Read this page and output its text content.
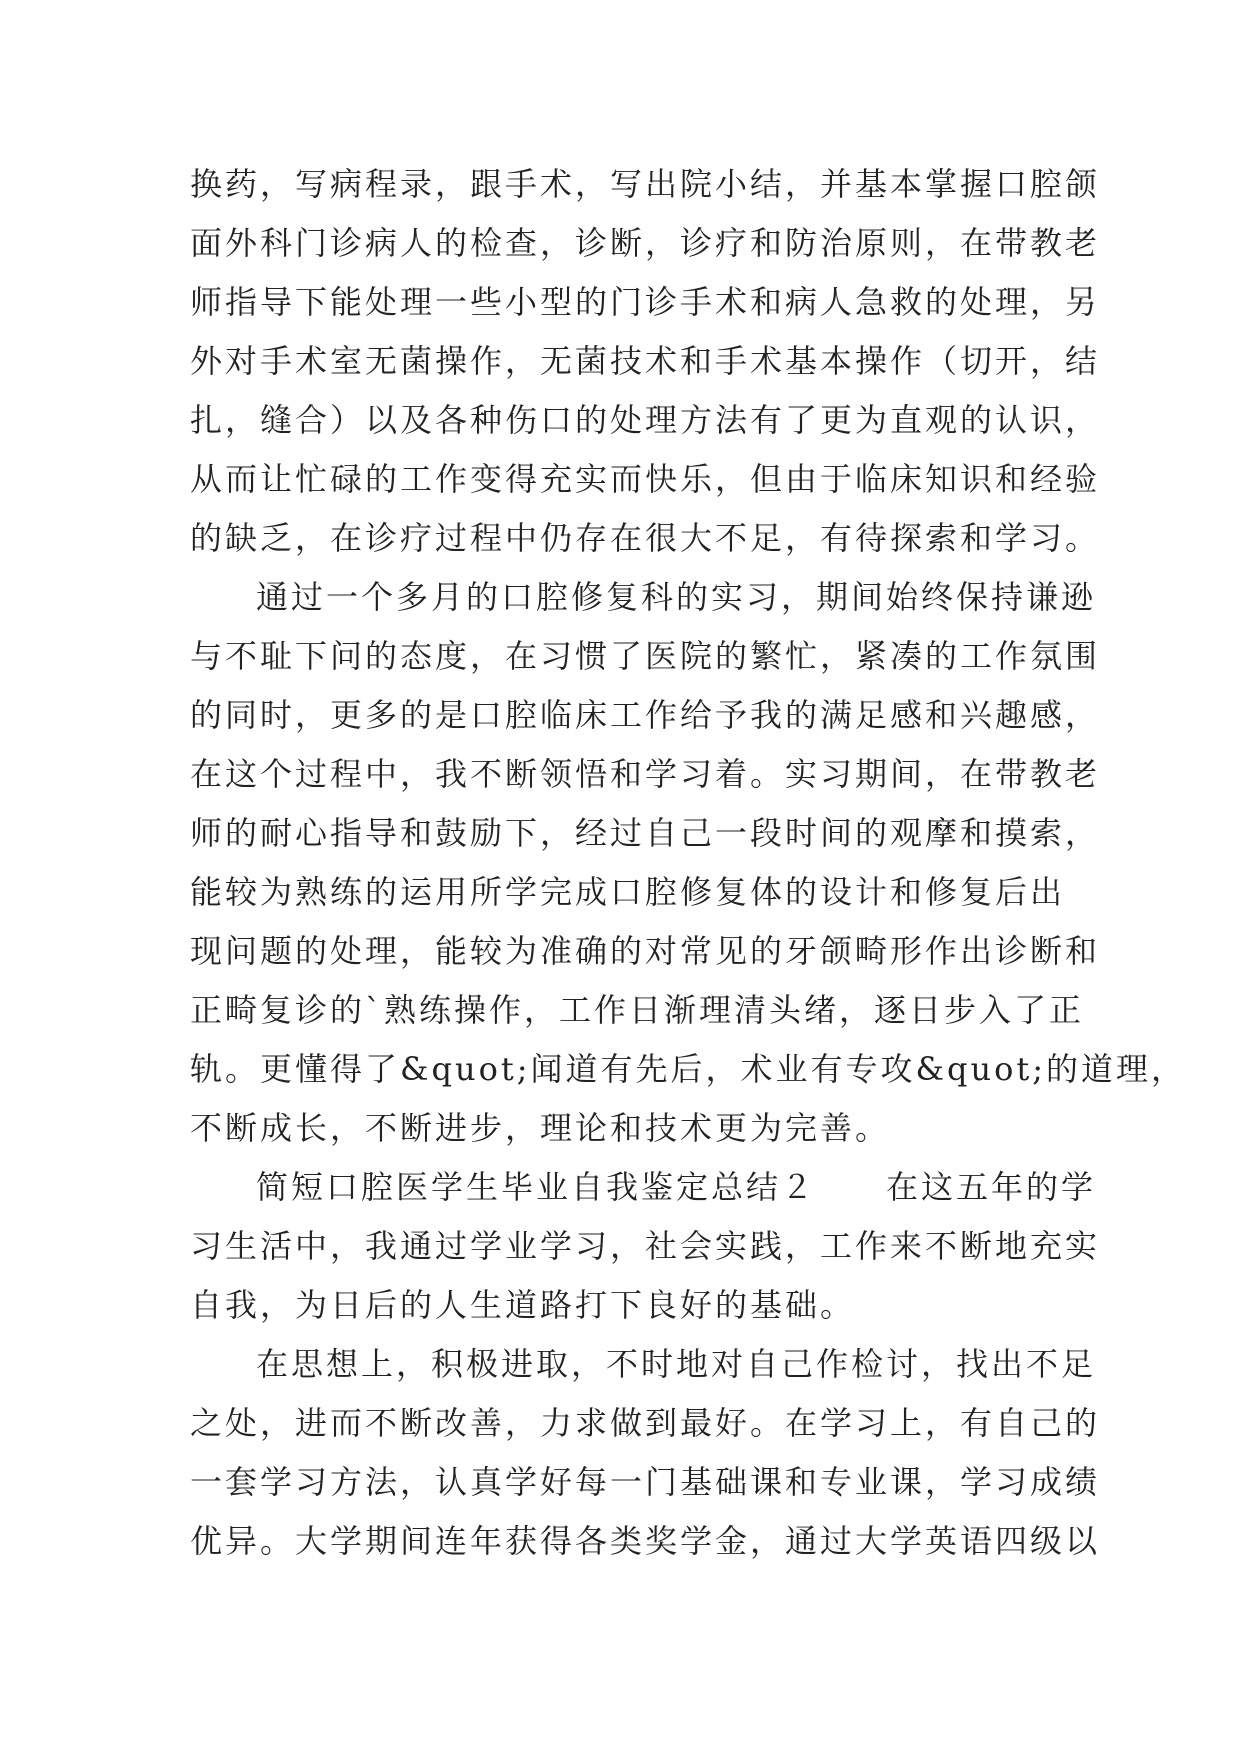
换药，写病程录，跟手术，写出院小结，并基本掌握口腔颌
面外科门诊病人的检查，诊断，诊疗和防治原则，在带教老
师指导下能处理一些小型的门诊手术和病人急救的处理，另
外对手术室无菌操作，无菌技术和手术基本操作（切开，结
扎，缝合）以及各种伤口的处理方法有了更为直观的认识，
从而让忙碌的工作变得充实而快乐，但由于临床知识和经验
的缺乏，在诊疗过程中仍存在很大不足，有待探索和学习。
通过一个多月的口腔修复科的实习，期间始终保持谦逊
与不耻下问的态度，在习惯了医院的繁忙，紧凑的工作氛围
的同时，更多的是口腔临床工作给予我的满足感和兴趣感，
在这个过程中，我不断领悟和学习着。实习期间，在带教老
师的耐心指导和鼓励下，经过自己一段时间的观摩和摸索，
能较为熟练的运用所学完成口腔修复体的设计和修复后出
现问题的处理，能较为准确的对常见的牙颌畸形作出诊断和
正畸复诊的`熟练操作，工作日渐理清头绪，逐日步入了正
轨。更懂得了&quot;闻道有先后，术业有专攻&quot;的道理，
不断成长，不断进步，理论和技术更为完善。
简短口腔医学生毕业自我鉴定总结２　　在这五年的学
习生活中，我通过学业学习，社会实践，工作来不断地充实
自我，为日后的人生道路打下良好的基础。
在思想上，积极进取，不时地对自己作检讨，找出不足
之处，进而不断改善，力求做到最好。在学习上，有自己的
一套学习方法，认真学好每一门基础课和专业课，学习成绩
优异。大学期间连年获得各类奖学金，通过大学英语四级以
